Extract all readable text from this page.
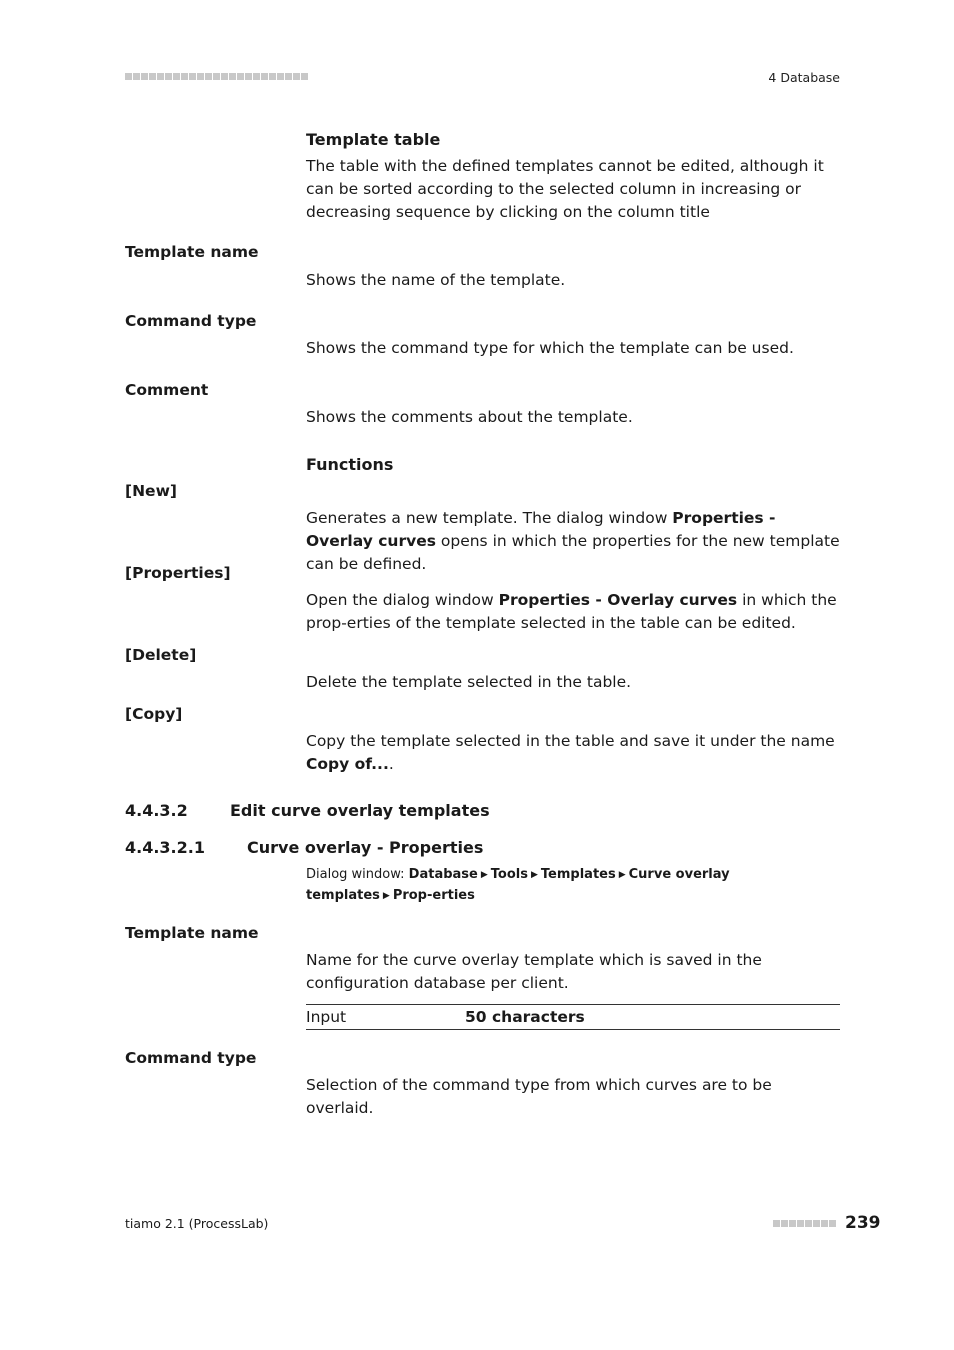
4 Database
Template table
The table with the defined templates cannot be edited, although it can be sorted according to the selected column in increasing or decreasing sequence by clicking on the column title
Template name
Shows the name of the template.
Command type
Shows the command type for which the template can be used.
Comment
Shows the comments about the template.
Functions
[New]
Generates a new template. The dialog window Properties - Overlay curves opens in which the properties for the new template can be defined.
[Properties]
Open the dialog window Properties - Overlay curves in which the prop-erties of the template selected in the table can be edited.
[Delete]
Delete the template selected in the table.
[Copy]
Copy the template selected in the table and save it under the name Copy of....
4.4.3.2	Edit curve overlay templates
4.4.3.2.1	Curve overlay - Properties
Dialog window: Database ▶ Tools ▶ Templates ▶ Curve overlay templates ▶ Prop-erties
Template name
Name for the curve overlay template which is saved in the configuration database per client.
Input	50 characters
Command type
Selection of the command type from which curves are to be overlaid.
tiamo 2.1 (ProcessLab)	239
